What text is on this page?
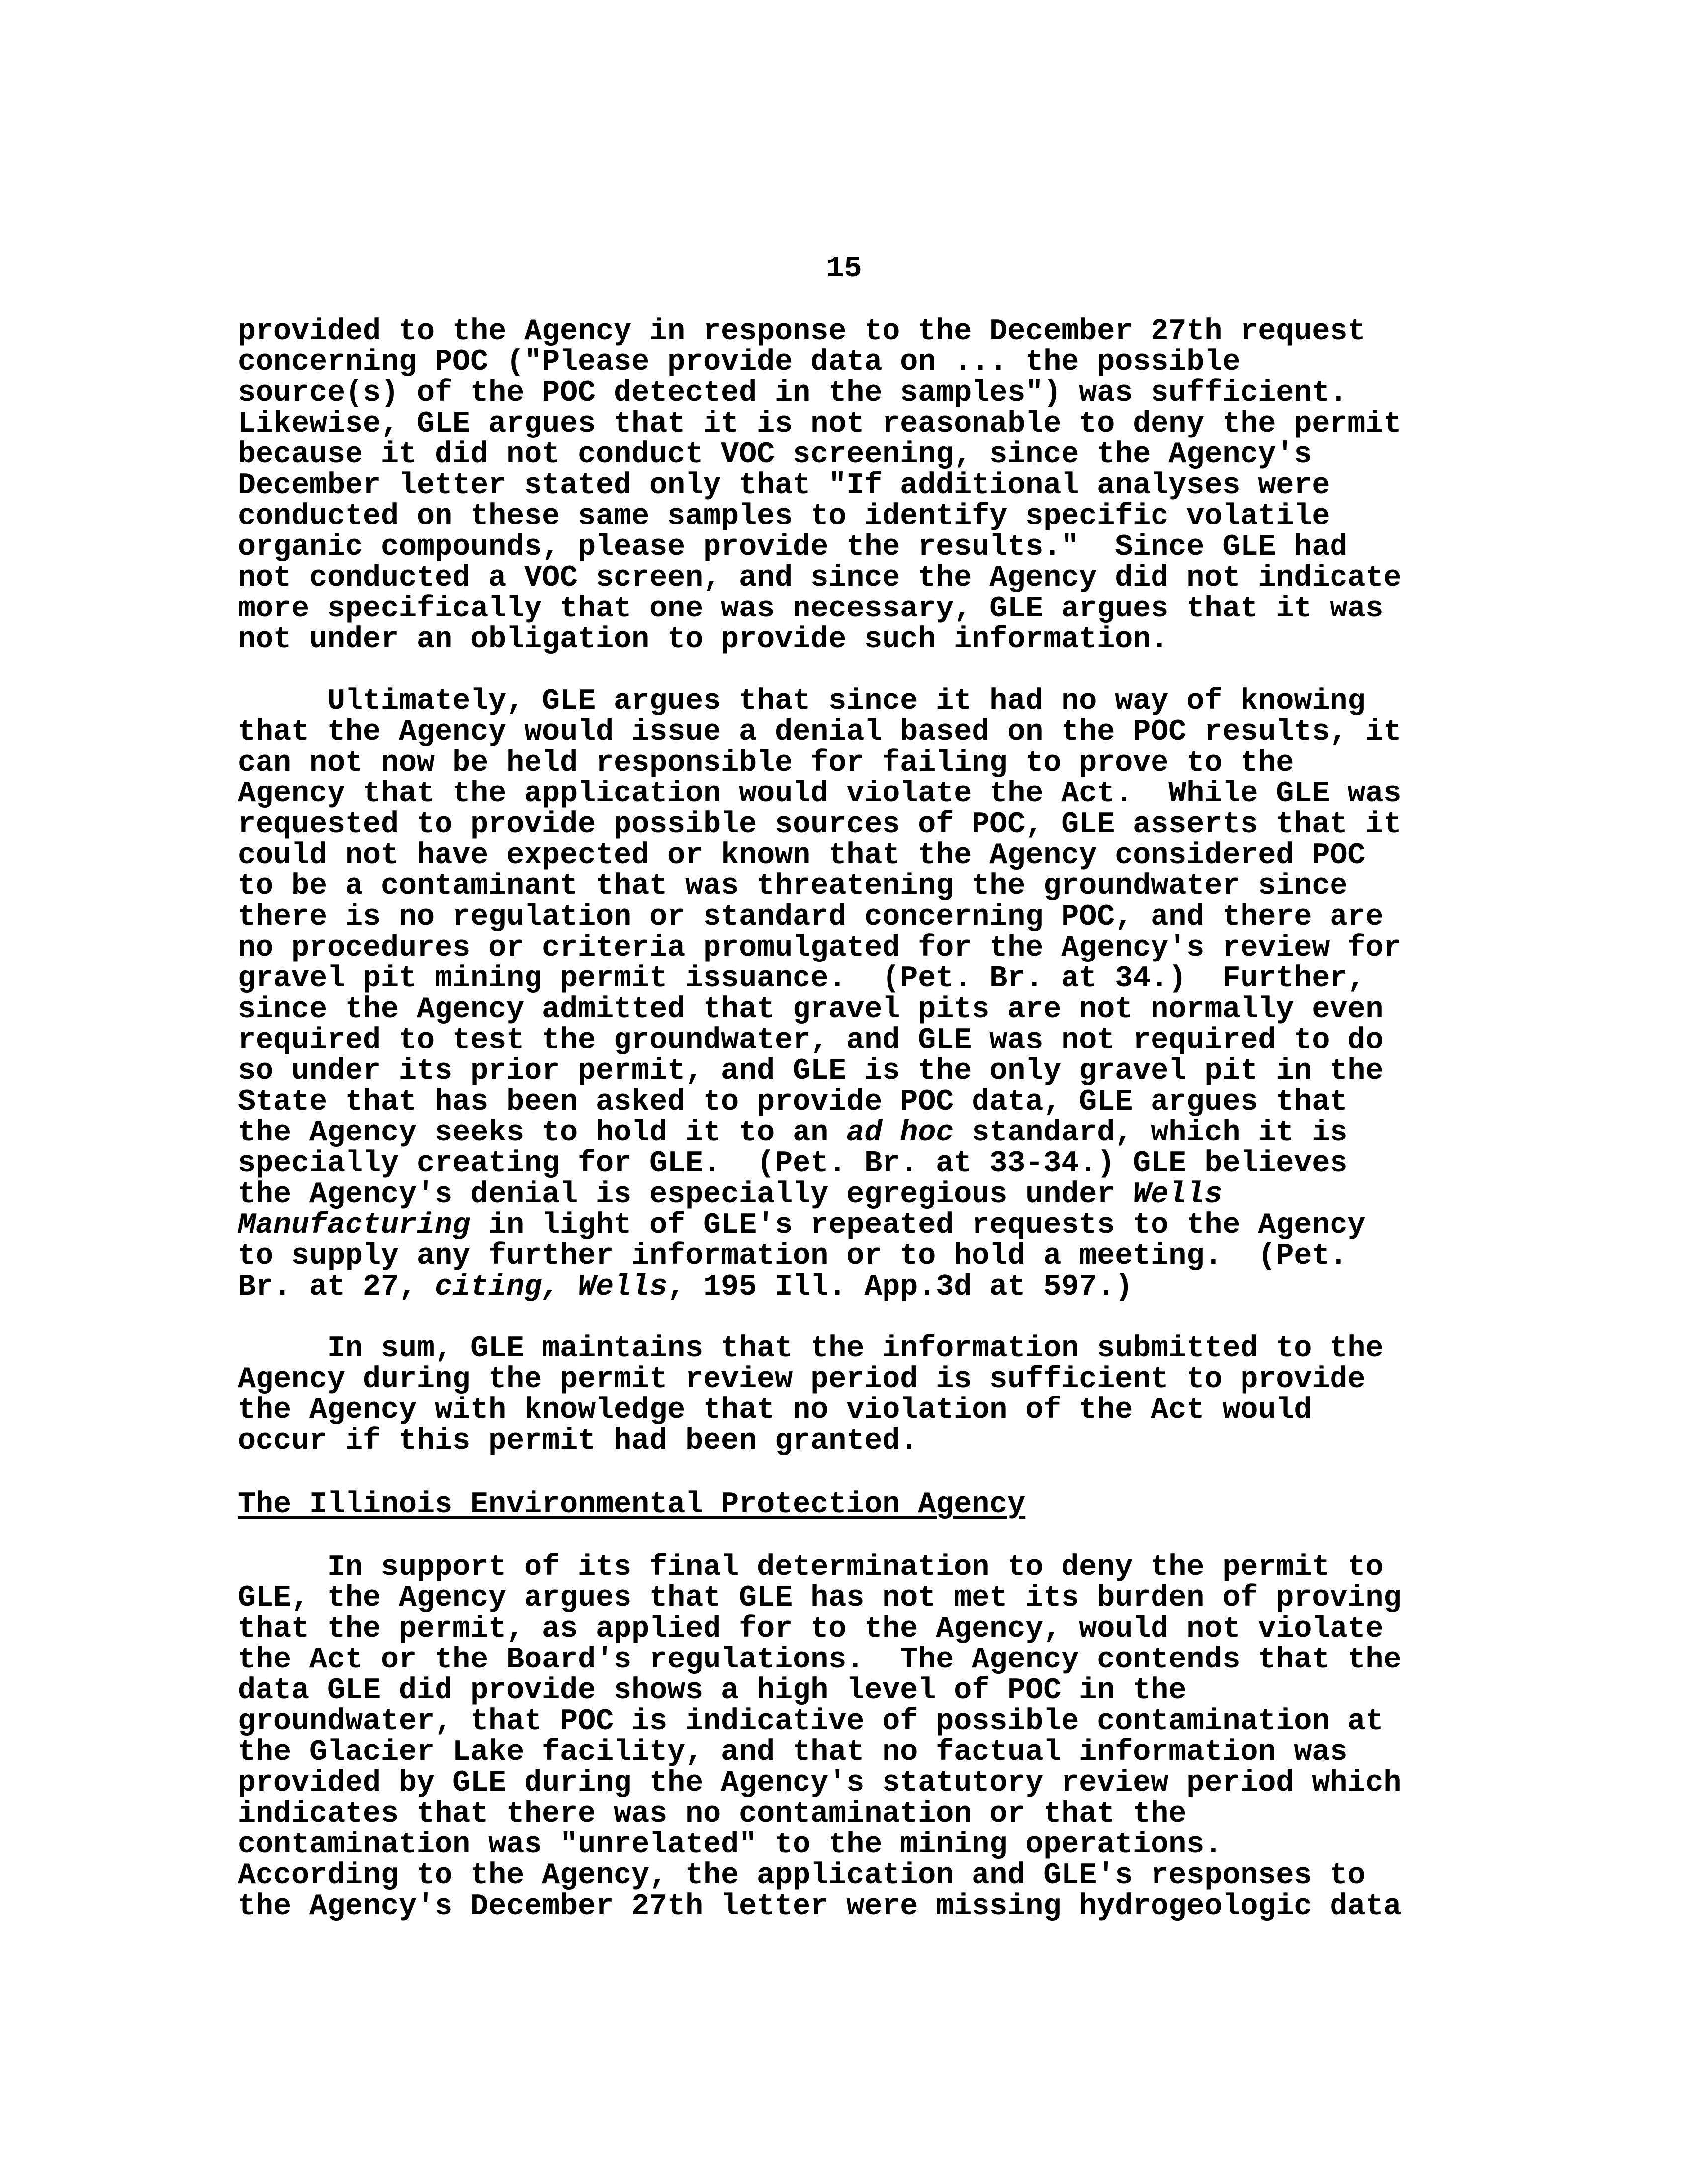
15
provided to the Agency in response to the December 27th request
concerning POC ("Please provide data on ... the possible
source(s) of the POC detected in the samples") was sufficient.
Likewise, GLE argues that it is not reasonable to deny the permit
because it did not conduct VOC screening, since the Agency's
December letter stated only that "If additional analyses were
conducted on these same samples to identify specific volatile
organic compounds, please provide the results."  Since GLE had
not conducted a VOC screen, and since the Agency did not indicate
more specifically that one was necessary, GLE argues that it was
not under an obligation to provide such information.
Ultimately, GLE argues that since it had no way of knowing
that the Agency would issue a denial based on the POC results, it
can not now be held responsible for failing to prove to the
Agency that the application would violate the Act.  While GLE was
requested to provide possible sources of POC, GLE asserts that it
could not have expected or known that the Agency considered POC
to be a contaminant that was threatening the groundwater since
there is no regulation or standard concerning POC, and there are
no procedures or criteria promulgated for the Agency's review for
gravel pit mining permit issuance.  (Pet. Br. at 34.)  Further,
since the Agency admitted that gravel pits are not normally even
required to test the groundwater, and GLE was not required to do
so under its prior permit, and GLE is the only gravel pit in the
State that has been asked to provide POC data, GLE argues that
the Agency seeks to hold it to an ad hoc standard, which it is
specially creating for GLE.  (Pet. Br. at 33-34.) GLE believes
the Agency's denial is especially egregious under Wells
Manufacturing in light of GLE's repeated requests to the Agency
to supply any further information or to hold a meeting.  (Pet.
Br. at 27, citing, Wells, 195 Ill. App.3d at 597.)
In sum, GLE maintains that the information submitted to the
Agency during the permit review period is sufficient to provide
the Agency with knowledge that no violation of the Act would
occur if this permit had been granted.
The Illinois Environmental Protection Agency
In support of its final determination to deny the permit to
GLE, the Agency argues that GLE has not met its burden of proving
that the permit, as applied for to the Agency, would not violate
the Act or the Board's regulations.  The Agency contends that the
data GLE did provide shows a high level of POC in the
groundwater, that POC is indicative of possible contamination at
the Glacier Lake facility, and that no factual information was
provided by GLE during the Agency's statutory review period which
indicates that there was no contamination or that the
contamination was "unrelated" to the mining operations.
According to the Agency, the application and GLE's responses to
the Agency's December 27th letter were missing hydrogeologic data
